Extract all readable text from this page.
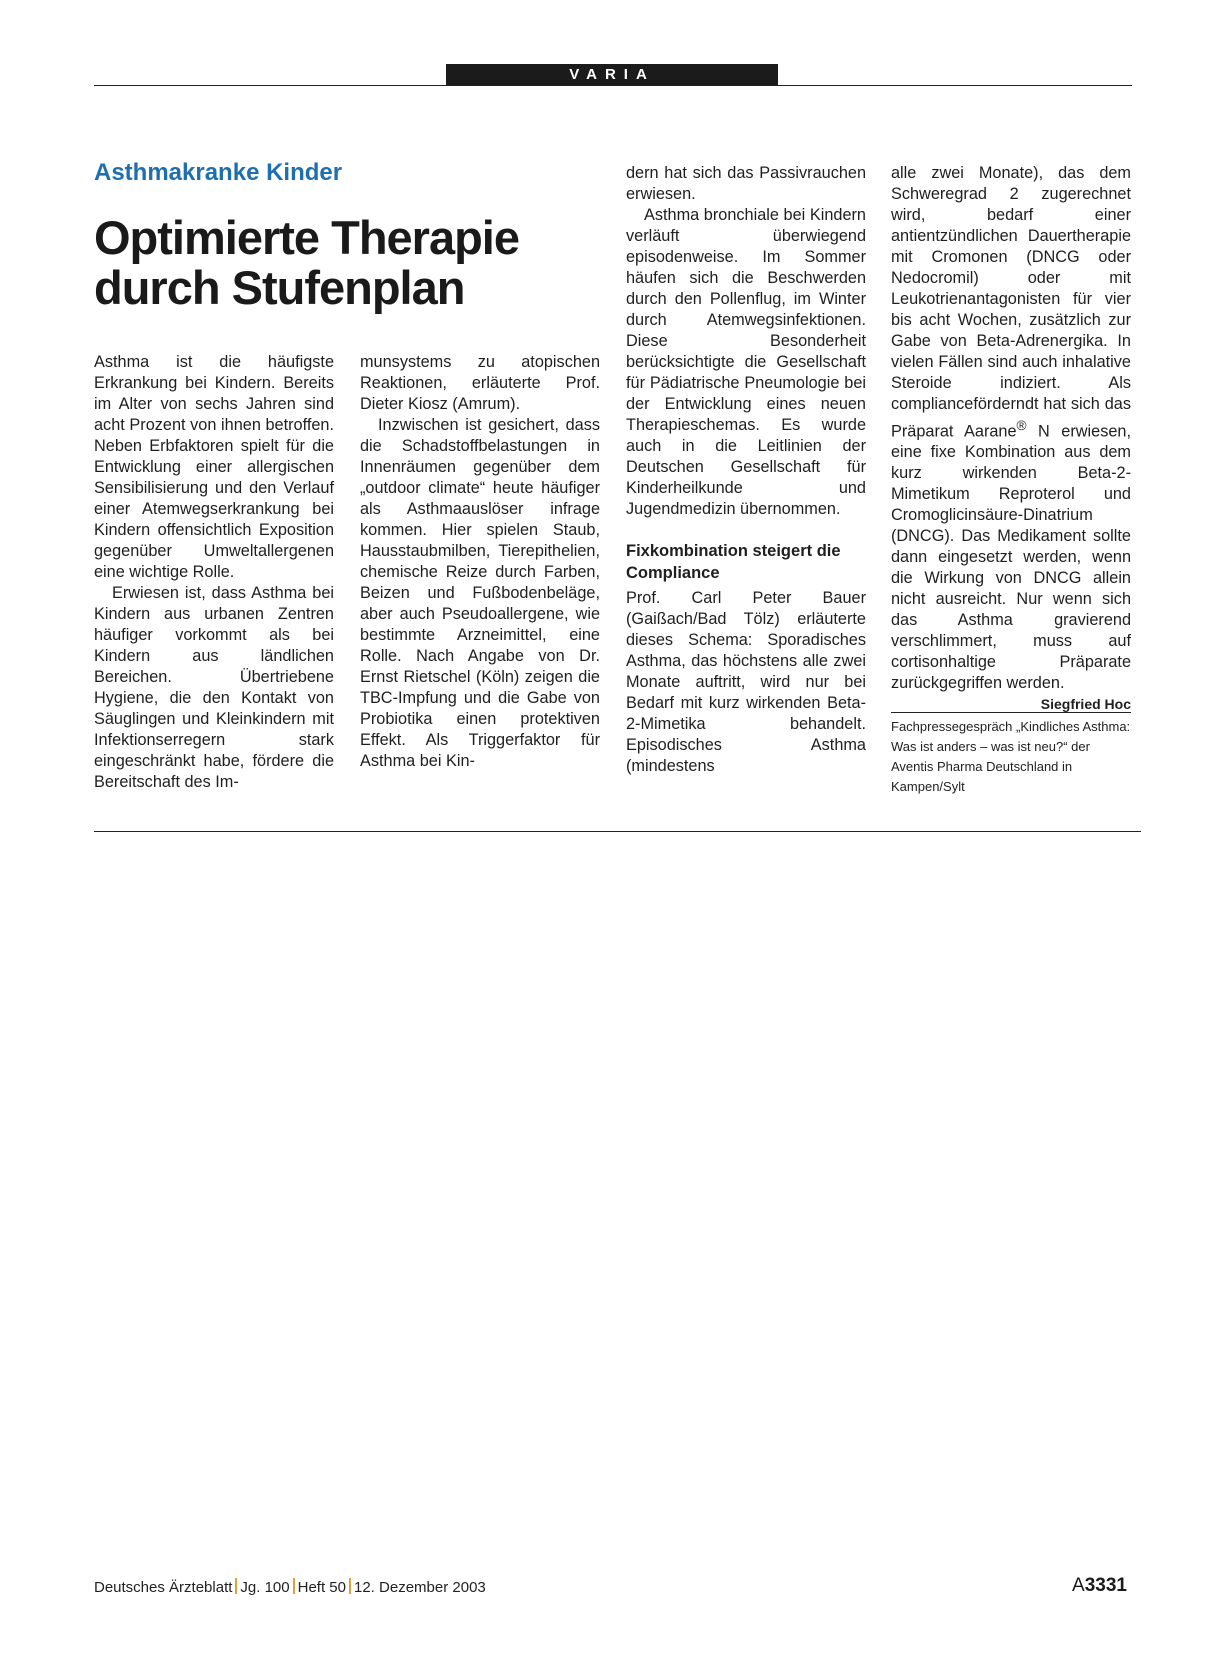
VARIA
Asthmakranke Kinder
Optimierte Therapie
durch Stufenplan

Asthma ist die häufigste Erkrankung bei Kindern. Bereits im Alter von sechs Jahren sind acht Prozent von ihnen betroffen. Neben Erbfaktoren spielt für die Entwicklung einer allergischen Sensibilisierung und den Verlauf einer Atemwegserkrankung bei Kindern offensichtlich Exposition gegenüber Umweltallergenen eine wichtige Rolle.

Erwiesen ist, dass Asthma bei Kindern aus urbanen Zentren häufiger vorkommt als bei Kindern aus ländlichen Bereichen. Übertriebene Hygiene, die den Kontakt von Säuglingen und Kleinkindern mit Infektionserregern stark eingeschränkt habe, fördere die Bereitschaft des Im-

munsystems zu atopischen Reaktionen, erläuterte Prof. Dieter Kiosz (Amrum).

Inzwischen ist gesichert, dass die Schadstoffbelastungen in Innenräumen gegenüber dem „outdoor climate“ heute häufiger als Asthmaauslöser infrage kommen. Hier spielen Staub, Hausstaubmilben, Tierepithelien, chemische Reize durch Farben, Beizen und Fußbodenbeläge, aber auch Pseudoallergene, wie bestimmte Arzneimittel, eine Rolle. Nach Angabe von Dr. Ernst Rietschel (Köln) zeigen die TBC-Impfung und die Gabe von Probiotika einen protektiven Effekt. Als Triggerfaktor für Asthma bei Kin-

dern hat sich das Passivrauchen erwiesen.

Asthma bronchiale bei Kindern verläuft überwiegend episodenweise. Im Sommer häufen sich die Beschwerden durch den Pollenflug, im Winter durch Atemwegsinfektionen. Diese Besonderheit berücksichtigte die Gesellschaft für Pädiatrische Pneumologie bei der Entwicklung eines neuen Therapieschemas. Es wurde auch in die Leitlinien der Deutschen Gesellschaft für Kinderheilkunde und Jugendmedizin übernommen.

Fixkombination steigert die Compliance

Prof. Carl Peter Bauer (Gaißach/Bad Tölz) erläuterte dieses Schema: Sporadisches Asthma, das höchstens alle zwei Monate auftritt, wird nur bei Bedarf mit kurz wirkenden Beta-2-Mimetika behandelt. Episodisches Asthma (mindestens

alle zwei Monate), das dem Schweregrad 2 zugerechnet wird, bedarf einer antientzündlichen Dauertherapie mit Cromonen (DNCG oder Nedocromil) oder mit Leukotrienantagonisten für vier bis acht Wochen, zusätzlich zur Gabe von Beta-Adrenergika. In vielen Fällen sind auch inhalative Steroide indiziert. Als complianceförderndt hat sich das Präparat Aarane® N erwiesen, eine fixe Kombination aus dem kurz wirkenden Beta-2-Mimetikum Reproterol und Cromoglicinsäure-Dinatrium (DNCG). Das Medikament sollte dann eingesetzt werden, wenn die Wirkung von DNCG allein nicht ausreicht. Nur wenn sich das Asthma gravierend verschlimmert, muss auf cortisonhaltige Präparate zurückgegriffen werden.
Siegfried Hoc

Fachpressegespräch „Kindliches Asthma: Was ist anders – was ist neu?“ der Aventis Pharma Deutschland in Kampen/Sylt
Deutsches Ärzteblatt Jg. 100 Heft 50 12. Dezember 2003	A3331
